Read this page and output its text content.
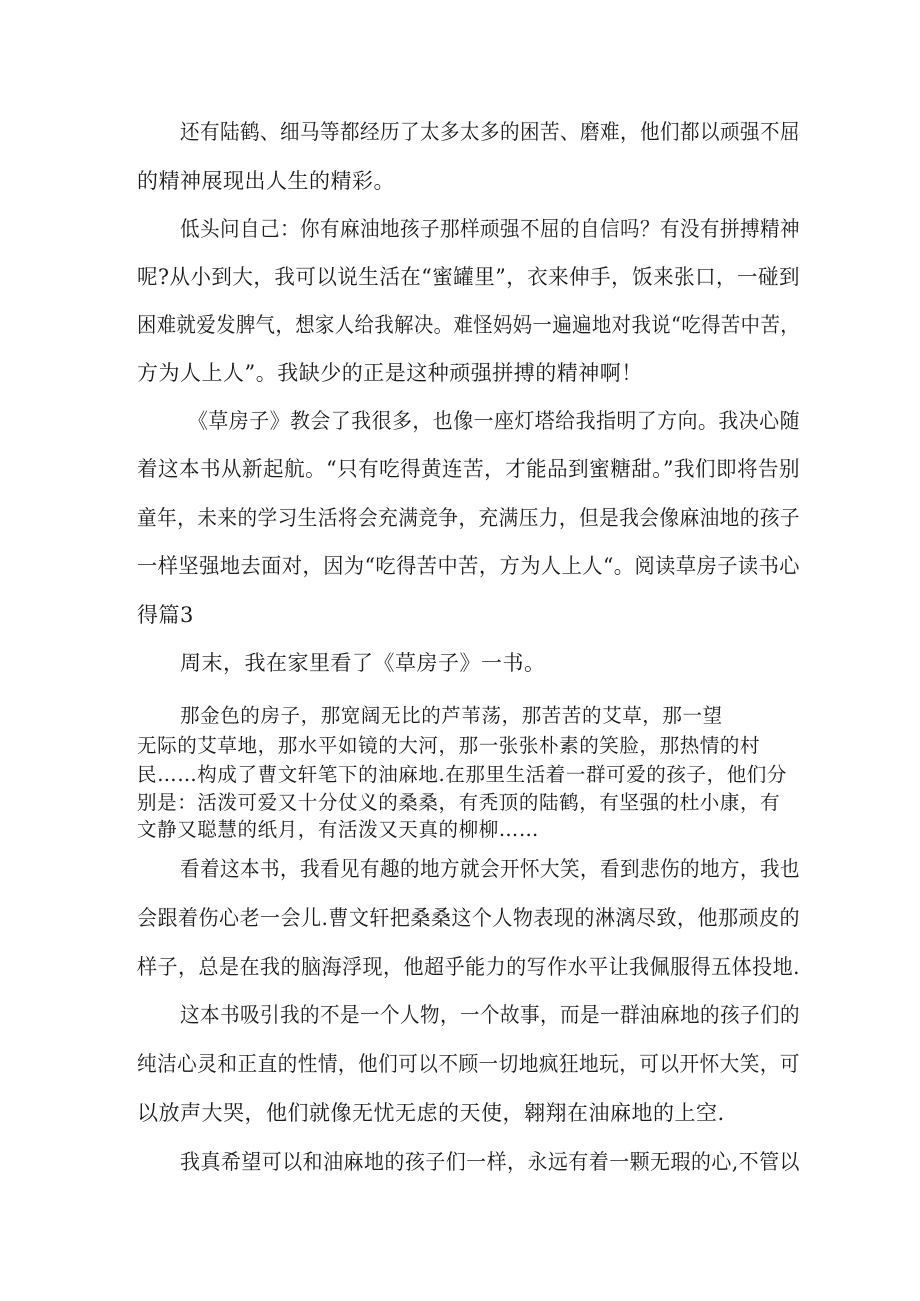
还有陆鹤、细马等都经历了太多太多的困苦、磨难，他们都以顽强不屈
的精神展现出人生的精彩。
低头问自己：你有麻油地孩子那样顽强不屈的自信吗？有没有拼搏精神
呢?从小到大，我可以说生活在“蜜罐里”，衣来伸手，饭来张口，一碰到
困难就爱发脾气，想家人给我解决。难怪妈妈一遍遍地对我说“吃得苦中苦，
方为人上人”。我缺少的正是这种顽强拼搏的精神啊！
《草房子》教会了我很多，也像一座灯塔给我指明了方向。我决心随
着这本书从新起航。“只有吃得黄连苦，才能品到蜜糖甜。”我们即将告别
童年，未来的学习生活将会充满竞争，充满压力，但是我会像麻油地的孩子
一样坚强地去面对，因为“吃得苦中苦，方为人上人“。阅读草房子读书心
得篇3
周末，我在家里看了《草房子》一书。
那金色的房子，那宽阔无比的芦苇荡，那苦苦的艾草，那一望
无际的艾草地，那水平如镜的大河，那一张张朴素的笑脸，那热情的村
民……构成了曹文轩笔下的油麻地.在那里生活着一群可爱的孩子，他们分
别是：活泼可爱又十分仗义的桑桑，有秃顶的陆鹤，有坚强的杜小康，有
文静又聪慧的纸月，有活泼又天真的柳柳……
看着这本书，我看见有趣的地方就会开怀大笑，看到悲伤的地方，我也
会跟着伤心老一会儿.曹文轩把桑桑这个人物表现的淋漓尽致，他那顽皮的
样子，总是在我的脑海浮现，他超乎能力的写作水平让我佩服得五体投地.
这本书吸引我的不是一个人物，一个故事，而是一群油麻地的孩子们的
纯洁心灵和正直的性情，他们可以不顾一切地疯狂地玩，可以开怀大笑，可
以放声大哭，他们就像无忧无虑的天使，翱翔在油麻地的上空.
我真希望可以和油麻地的孩子们一样，永远有着一颗无瑕的心,不管以
